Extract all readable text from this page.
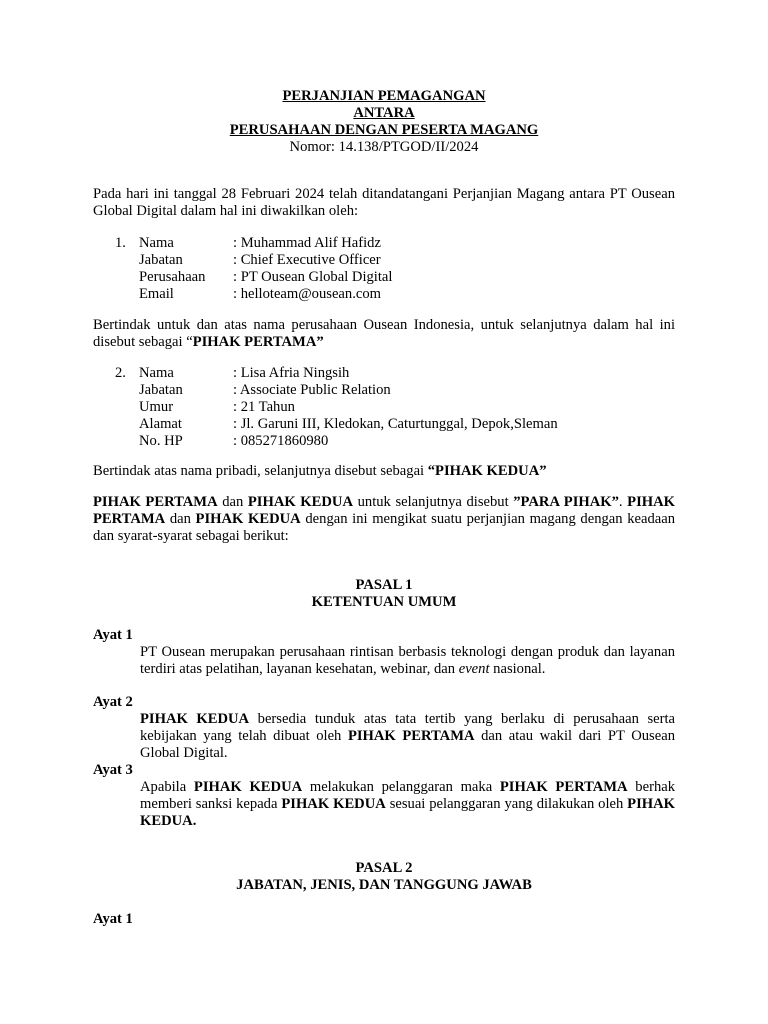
PERJANJIAN PEMAGANGAN
ANTARA
PERUSAHAAN DENGAN PESERTA MAGANG
Nomor: 14.138/PTGOD/II/2024
Pada hari ini tanggal 28 Februari 2024 telah ditandatangani Perjanjian Magang antara PT Ousean Global Digital dalam hal ini diwakilkan oleh:
1. Nama	: Muhammad Alif Hafidz
Jabatan	: Chief Executive Officer
Perusahaan : PT Ousean Global Digital
Email	: helloteam@ousean.com
Bertindak untuk dan atas nama perusahaan Ousean Indonesia, untuk selanjutnya dalam hal ini disebut sebagai “PIHAK PERTAMA”
2. Nama	: Lisa Afria Ningsih
Jabatan	: Associate Public Relation
Umur	: 21 Tahun
Alamat	: Jl. Garuni III, Kledokan, Caturtunggal, Depok,Sleman
No. HP	: 085271860980
Bertindak atas nama pribadi, selanjutnya disebut sebagai “PIHAK KEDUA”
PIHAK PERTAMA dan PIHAK KEDUA untuk selanjutnya disebut ”PARA PIHAK”. PIHAK PERTAMA dan PIHAK KEDUA dengan ini mengikat suatu perjanjian magang dengan keadaan dan syarat-syarat sebagai berikut:
PASAL 1
KETENTUAN UMUM
Ayat 1
PT Ousean merupakan perusahaan rintisan berbasis teknologi dengan produk dan layanan terdiri atas pelatihan, layanan kesehatan, webinar, dan event nasional.
Ayat 2
PIHAK KEDUA bersedia tunduk atas tata tertib yang berlaku di perusahaan serta kebijakan yang telah dibuat oleh PIHAK PERTAMA dan atau wakil dari PT Ousean Global Digital.
Ayat 3
Apabila PIHAK KEDUA melakukan pelanggaran maka PIHAK PERTAMA berhak memberi sanksi kepada PIHAK KEDUA sesuai pelanggaran yang dilakukan oleh PIHAK KEDUA.
PASAL 2
JABATAN, JENIS, DAN TANGGUNG JAWAB
Ayat 1
